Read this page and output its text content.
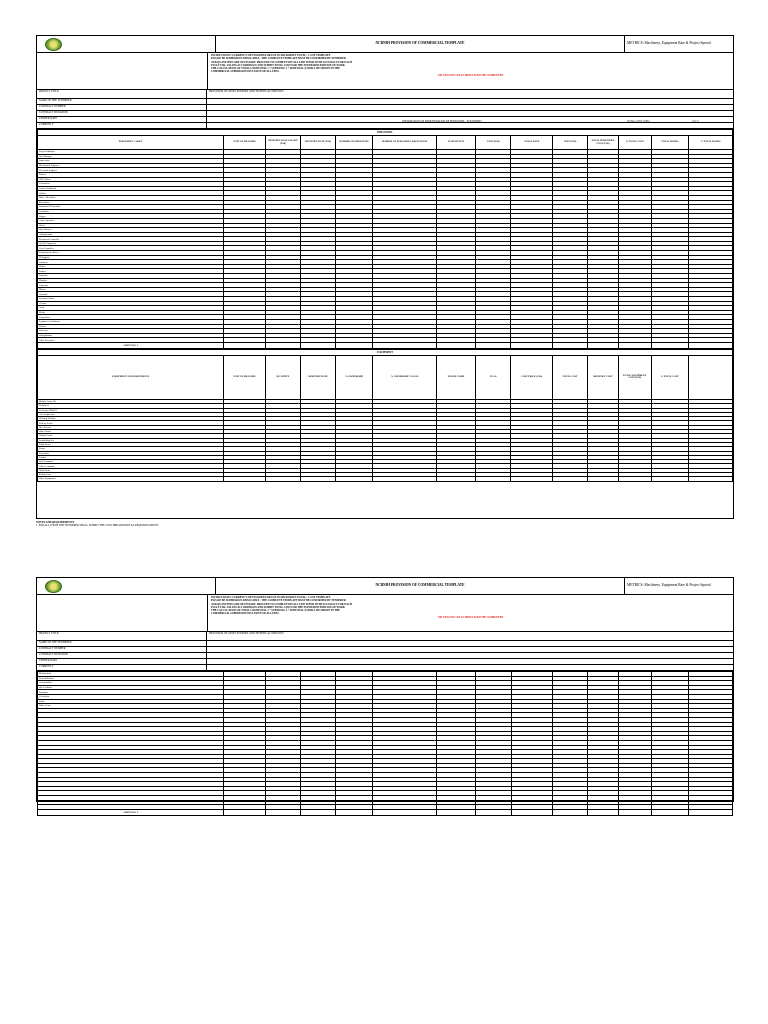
NCBNIH PROVISION OF COMMERCIAL TEMPLATE	METRICS: Machinery, Equipment Rate & Project Spread
INSTRUCTIONS: CURRENCY: DEVELOPED FOR USE IN MICROSOFT EXCEL | 1. USE TEMPLATE
PLEASE BE SUBMISSION APPLICABLE - THE COMPLETE TEMPLATE MUST BE CONFIRMED BY TENDERER
AND QUANTITIES ARE NECESSARY. PROCEED TO COMPLETION ALL LINE ITEMS WITH ACCURACY FOR EACH
FULLY FILL VALUES ACCORDINGLY AND SUBMIT TOTAL COST FOR THE ESTIMATED PORTION OF WORK
THE CALCULATION OF TOTALS (SUBTOTAL 1 + SUBTOTAL 2 + SUBTOTAL 3) SHALL BE SHOWN IN THE
COMMERCIAL SUBMISSION INCLUSIVE OF ALL FEES.

N.B. YELLOW CELLS SHOULD NOT BE COMPLETED
PROJECT TITLE:	PROVISION OF ASSET SUPPORT AND TECHNICAL SERVICES
NAME OF THE TENDERER
CONTRACT NUMBER
CONTRACT DURATION
TENDER DATE
CURRENCY
INFORMATION ON REMUNERATION OF PERSONNEL / EQUIPMENT	TOTAL COST (US$)	(%) %
PERSONNEL													
PERSONNEL / ASSET	UNIT OF MEASURE	MONTHLY BASE SALARY (US$)	MONTHLY RATE (US$)	NUMBER OF PERSONNEL	NUMBER OF PERSONNEL EQUIVALENT	RATE BY DAY	UNIT (US$)	TOTAL RATE	UNIT (US$)	TOTAL PERSONNEL COST (US$)	% TOTAL COST	TOTAL HOURS	% TOTAL HOURS
Project Manager													
Site Manager													
Supervisor													
Mechanical Engineer													
Electrical Engineer													
Planner													
HSE Officer													
Technician													
Senior Technician													
Welder													
Fitter / Mechanic													
Electrician													
Instrument Technician													
Scaffolder													
Rigger													
Crane Operator													
Driver													
Store Keeper													
Administrator													
Document Controller													
QA/QC Inspector													
Cost Controller													
Procurement Officer													
IT Support													
Labourer													
Helper													
Painter													
Insulator													
Plumber													
Carpenter													
Mason													
Operator													
Security Guard													
Cleaner													
Cook													
Medic													
Camp Boss													
Logistics Coordinator													
Trainer													
Surveyor													
Draughtsman													
Other Personnel													
SUBTOTAL 1													
EQUIPMENT													
EQUIPMENT AND EQUIPMENTS	UNIT OF MEASURE	QUANTITY	MONTHLY RATE	% OWNERSHIP	% OWNERSHIP / LEASE	VESSEL NAME	FLAG	COST PRICE (US$)	TOTAL COST	MONTHLY COST	TOTAL EQUIPMENT COST (US$)	% TOTAL COST	
Mobile Crane 50t													
Forklift 5t													
Generator 500kVA													
Air Compressor													
Welding Machine													
Pick-up Truck													
Bus 30 seats													
Water Truck													
Flatbed Truck													
Scaffolding Set													
Light Tower													
Pump													
Excavator													
Loader													
Tool Container													
Office Container													
Hand Tools													
Lifting Gear													
Other Equipment													
NOTES AND REQUIREMENTS
1. FOR ALL ITEMS THE TENDERER SHALL SUBMIT THE COST BREAKDOWN AS REQUIRED ABOVE
NCBNIH PROVISION OF COMMERCIAL TEMPLATE	METRICS: Machinery, Equipment Rate & Project Spread
INSTRUCTIONS: CURRENCY: DEVELOPED FOR USE IN MICROSOFT EXCEL | 1. USE TEMPLATE
PLEASE BE SUBMISSION APPLICABLE - THE COMPLETE TEMPLATE MUST BE CONFIRMED BY TENDERER
AND QUANTITIES ARE NECESSARY. PROCEED TO COMPLETION ALL LINE ITEMS WITH ACCURACY FOR EACH
FULLY FILL VALUES ACCORDINGLY AND SUBMIT TOTAL COST FOR THE ESTIMATED PORTION OF WORK
THE CALCULATION OF TOTALS (SUBTOTAL 1 + SUBTOTAL 2 + SUBTOTAL 3) SHALL BE SHOWN IN THE
COMMERCIAL SUBMISSION INCLUSIVE OF ALL FEES.

N.B. YELLOW CELLS SHOULD NOT BE COMPLETED
PROJECT TITLE:	PROVISION OF ASSET SUPPORT AND TECHNICAL SERVICES
NAME OF THE TENDERER
CONTRACT NUMBER
CONTRACT DURATION
TENDER DATE
CURRENCY
Mobilisation													
Demobilisation													
Consumables													
Site Facilities													
Insurance													
Overheads													
Profit													
Other Costs													

SUBTOTAL 2													
